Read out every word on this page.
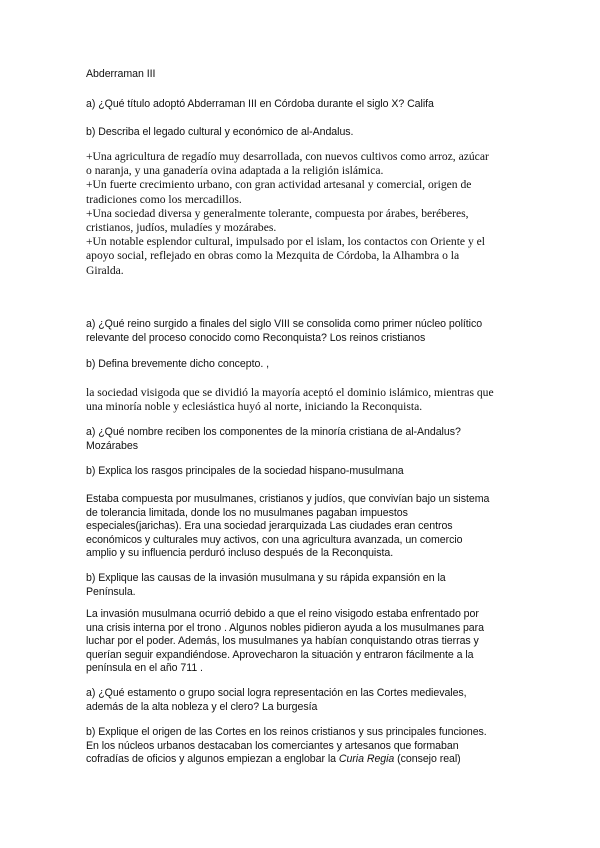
Abderraman III
a) ¿Qué título adoptó Abderraman III en Córdoba durante el siglo X? Califa
b) Describa el legado cultural y económico de al-Andalus.
+Una agricultura de regadío muy desarrollada, con nuevos cultivos como arroz, azúcar
o naranja, y una ganadería ovina adaptada a la religión islámica.
+Un fuerte crecimiento urbano, con gran actividad artesanal y comercial, origen de
tradiciones como los mercadillos.
+Una sociedad diversa y generalmente tolerante, compuesta por árabes, beréberes,
cristianos, judíos, muladíes y mozárabes.
+Un notable esplendor cultural, impulsado por el islam, los contactos con Oriente y el
apoyo social, reflejado en obras como la Mezquita de Córdoba, la Alhambra o la
Giralda.
a) ¿Qué reino surgido a finales del siglo VIII se consolida como primer núcleo político
relevante del proceso conocido como Reconquista? Los reinos cristianos
b) Defina brevemente dicho concepto. ,
la sociedad visigoda que se dividió la mayoría aceptó el dominio islámico, mientras que
una minoría noble y eclesiástica huyó al norte, iniciando la Reconquista.
a) ¿Qué nombre reciben los componentes de la minoría cristiana de al-Andalus?
Mozárabes
b) Explica los rasgos principales de la sociedad hispano-musulmana
Estaba compuesta por musulmanes, cristianos y judíos, que convivían bajo un sistema
de tolerancia limitada, donde los no musulmanes pagaban impuestos
especiales(jarichas). Era una sociedad jerarquizada Las ciudades eran centros
económicos y culturales muy activos, con una agricultura avanzada, un comercio
amplio y su influencia perduró incluso después de la Reconquista.
b) Explique las causas de la invasión musulmana y su rápida expansión en la
Península.
La invasión musulmana ocurrió debido a que el reino visigodo estaba enfrentado por
una crisis interna por el trono . Algunos nobles pidieron ayuda a los musulmanes para
luchar por el poder. Además, los musulmanes ya habían conquistando otras tierras y
querían seguir expandiéndose. Aprovecharon la situación y entraron fácilmente a la
península en el año 711 .
a) ¿Qué estamento o grupo social logra representación en las Cortes medievales,
además de la alta nobleza y el clero? La burgesía
b) Explique el origen de las Cortes en los reinos cristianos y sus principales funciones.
En los núcleos urbanos destacaban los comerciantes y artesanos que formaban
cofradías de oficios y algunos empiezan a englobar la Curia Regia (consejo real)
